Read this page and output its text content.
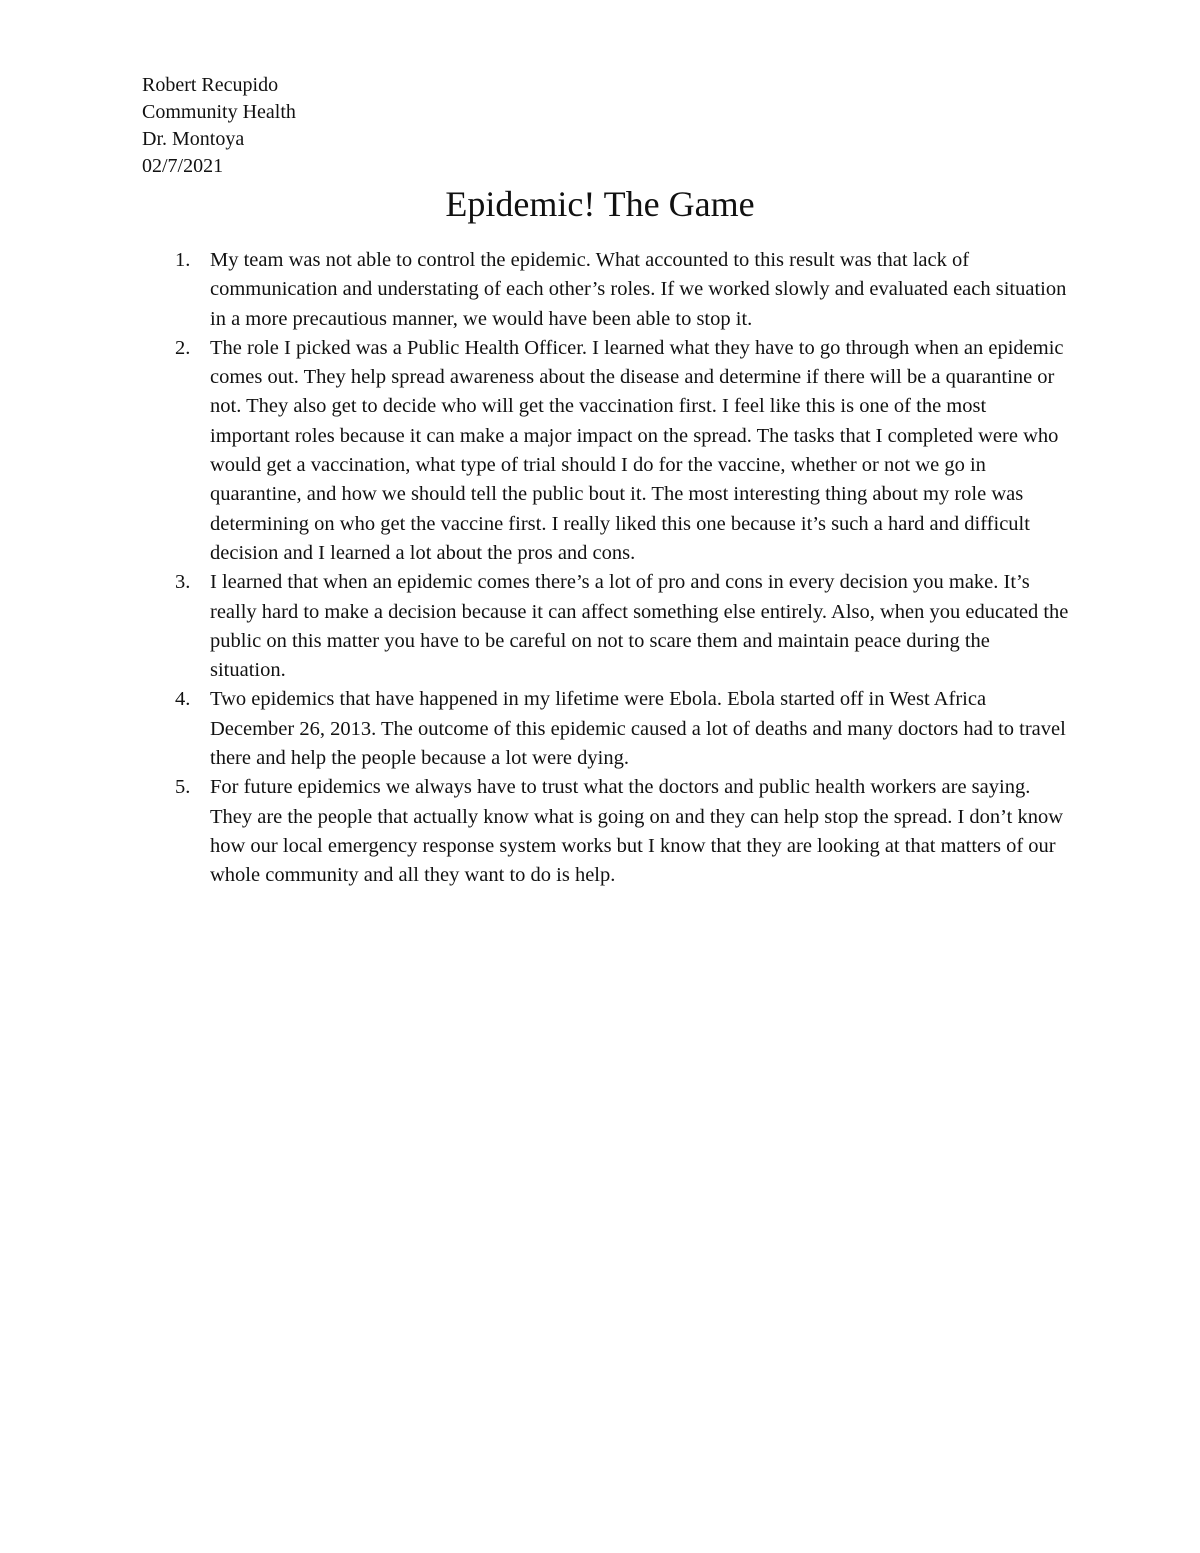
Robert Recupido
Community Health
Dr. Montoya
02/7/2021
Epidemic! The Game
1. My team was not able to control the epidemic. What accounted to this result was that lack of communication and understating of each other’s roles. If we worked slowly and evaluated each situation in a more precautious manner, we would have been able to stop it.
2. The role I picked was a Public Health Officer. I learned what they have to go through when an epidemic comes out. They help spread awareness about the disease and determine if there will be a quarantine or not. They also get to decide who will get the vaccination first. I feel like this is one of the most important roles because it can make a major impact on the spread. The tasks that I completed were who would get a vaccination, what type of trial should I do for the vaccine, whether or not we go in quarantine, and how we should tell the public bout it. The most interesting thing about my role was determining on who get the vaccine first. I really liked this one because it’s such a hard and difficult decision and I learned a lot about the pros and cons.
3. I learned that when an epidemic comes there’s a lot of pro and cons in every decision you make. It’s really hard to make a decision because it can affect something else entirely. Also, when you educated the public on this matter you have to be careful on not to scare them and maintain peace during the situation.
4. Two epidemics that have happened in my lifetime were Ebola. Ebola started off in West Africa December 26, 2013. The outcome of this epidemic caused a lot of deaths and many doctors had to travel there and help the people because a lot were dying.
5. For future epidemics we always have to trust what the doctors and public health workers are saying. They are the people that actually know what is going on and they can help stop the spread. I don’t know how our local emergency response system works but I know that they are looking at that matters of our whole community and all they want to do is help.
